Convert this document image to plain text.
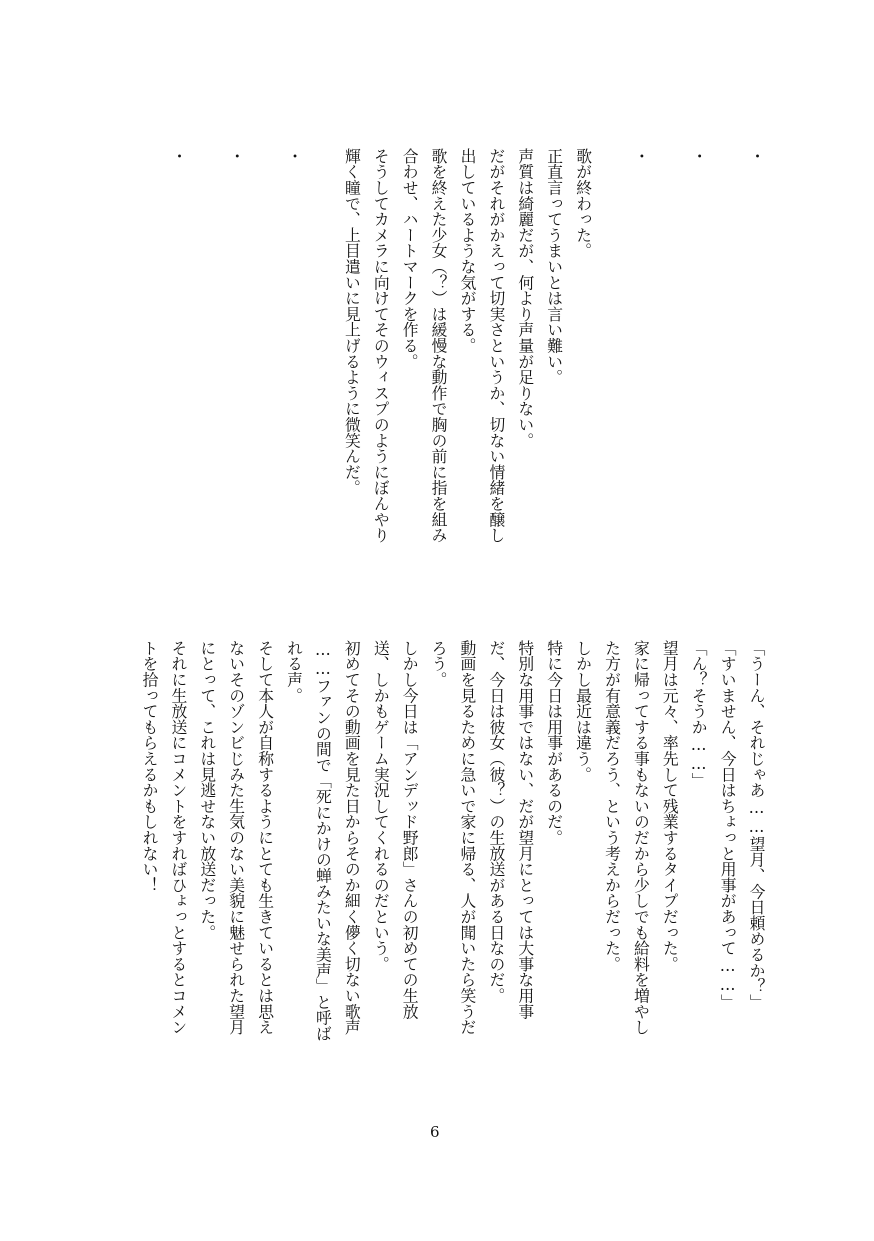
・
・
・
歌が終わった。
正直言ってうまいとは言い難い。
声質は綺麗だが、何より声量が足りない。
だがそれがかえって切実さというか、切ない情緒を醸し
出しているような気がする。
歌を終えた少女（？）は緩慢な動作で胸の前に指を組み
合わせ、ハートマークを作る。
そうしてカメラに向けてそのウィスプのようにぼんやり
輝く瞳で、上目遣いに見上げるように微笑んだ。
・
・
・
「うーん、それじゃあ……望月、今日頼めるか？」
「すいません、今日はちょっと用事があって……」
「ん？そうか……」
望月は元々、率先して残業するタイプだった。
家に帰ってする事もないのだから少しでも給料を増やし
た方が有意義だろう、という考えからだった。
しかし最近は違う。
特に今日は用事があるのだ。
特別な用事ではない、だが望月にとっては大事な用事
だ、今日は彼女（彼？）の生放送がある日なのだ。
動画を見るために急いで家に帰る、人が聞いたら笑うだ
ろう。
しかし今日は「アンデッド野郎」さんの初めての生放
送、しかもゲーム実況してくれるのだという。
初めてその動画を見た日からそのか細く儚く切ない歌声
……ファンの間で「死にかけの蝉みたいな美声」と呼ば
れる声。
そして本人が自称するようにとても生きているとは思え
ないそのゾンビじみた生気のない美貌に魅せられた望月
にとって、これは見逃せない放送だった。
それに生放送にコメントをすればひょっとするとコメン
トを拾ってもらえるかもしれない！
6
